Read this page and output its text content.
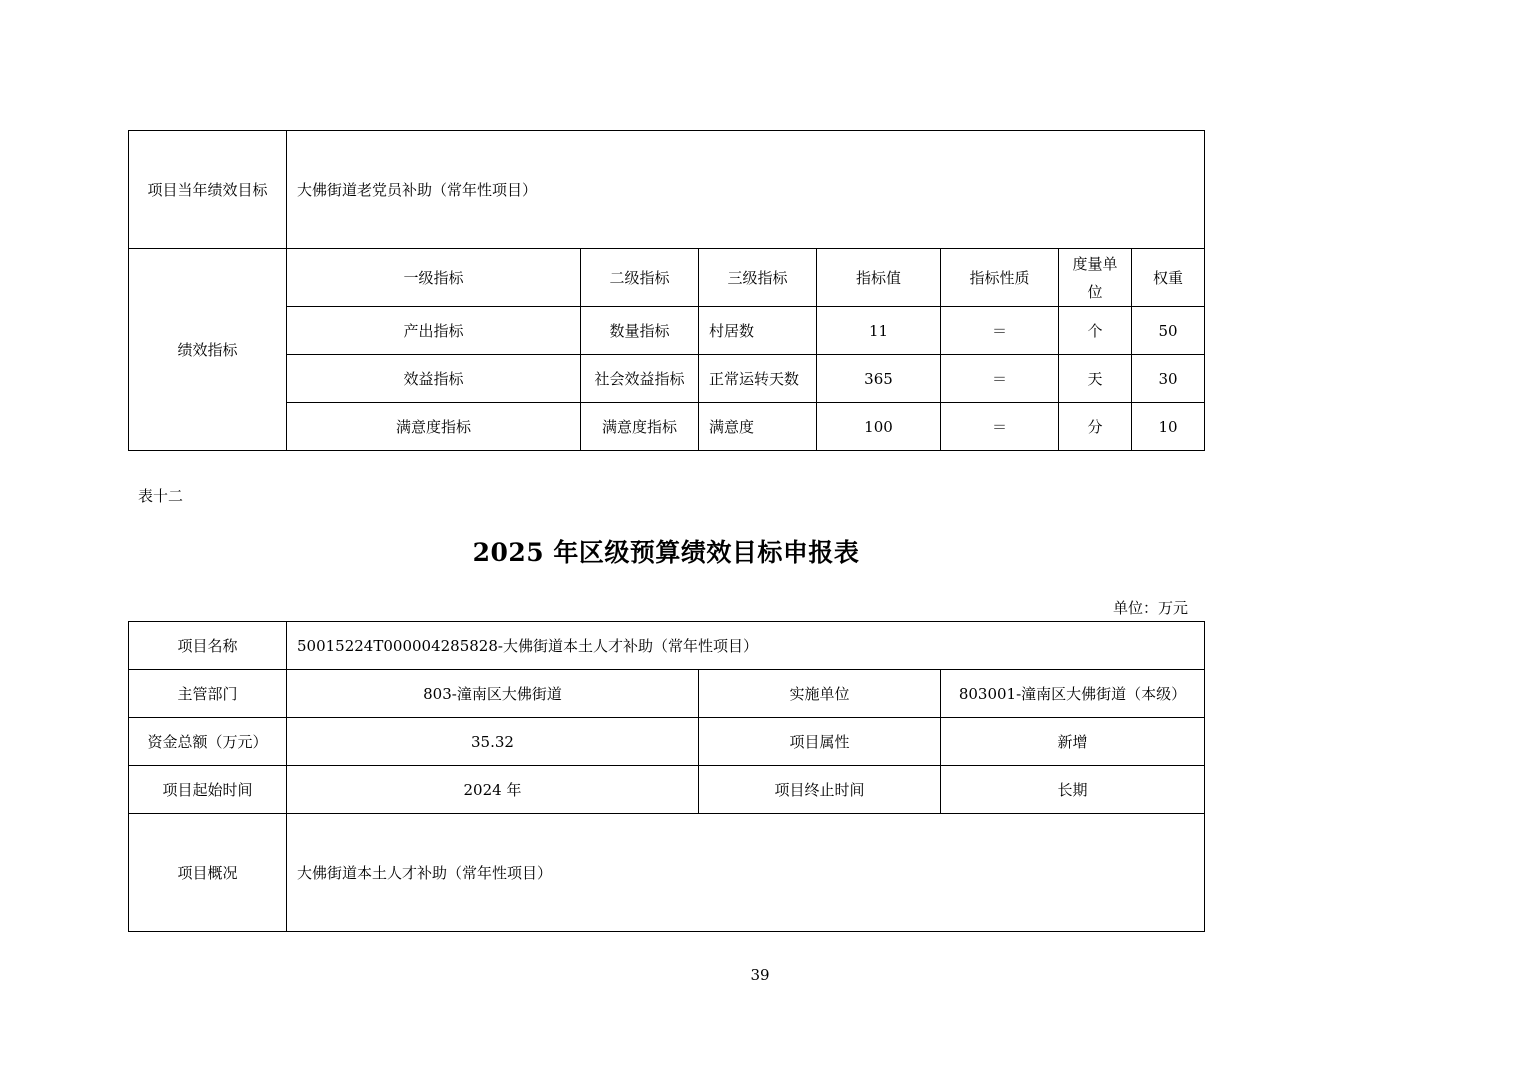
项目当年绩效目标	大佛街道老党员补助（常年性项目）						
绩效指标	一级指标	二级指标	三级指标	指标值	指标性质	度量单位	权重
	产出指标	数量指标	村居数	11	＝	个	50
	效益指标	社会效益指标	正常运转天数	365	＝	天	30
	满意度指标	满意度指标	满意度	100	＝	分	10
表十二
2025 年区级预算绩效目标申报表
单位：万元
项目名称	50015224T000004285828-大佛街道本土人才补助（常年性项目）		
主管部门	803-潼南区大佛街道	实施单位	803001-潼南区大佛街道（本级）
资金总额（万元）	35.32	项目属性	新增
项目起始时间	2024 年	项目终止时间	长期
项目概况	大佛街道本土人才补助（常年性项目）		
39
